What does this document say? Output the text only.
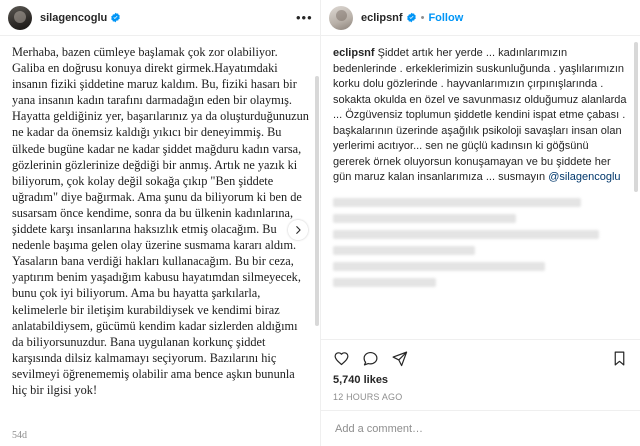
silagencoglu	•••

Merhaba, bazen cümleye başlamak çok zor olabiliyor. Galiba en doğrusu konuya direkt girmek.Hayatımdaki insanın fiziki şiddetine maruz kaldım. Bu, fiziki hasarı bir yana insanın kadın tarafını darmadağın eden bir olaymış. Hayatta geldiğiniz yer, başarılarınız ya da oluşturduğunuzun ne kadar da önemsiz kaldığı yıkıcı bir deneyimmiş. Bu ülkede bugüne kadar ne kadar şiddet mağduru kadın varsa, gözlerinin gözlerinize değdiği bir anmış. Artık ne yazık ki biliyorum, çok kolay değil sokağa çıkıp "Ben şiddete uğradım" diye bağırmak. Ama şunu da biliyorum ki ben de susarsam önce kendime, sonra da bu ülkenin kadınlarına, şiddete karşı insanlarına haksızlık etmiş olacağım. Bu nedenle başıma gelen olay üzerine susmama kararı aldım. Yasaların bana verdiği hakları kullanacağım. Bu bir ceza, yaptırım benim yaşadığım kabusu hayatımdan silmeyecek, bunu çok iyi biliyorum. Ama bu hayatta şarkılarla, kelimelerle bir iletişim kurabildiysek ve kendimi biraz anlatabildiysem, gücümü kendim kadar sizlerden aldığımı da biliyorsunuzdur. Bana uygulanan korkunç şiddet karşısında dilsiz kalmamayı seçiyorum. Bazılarını hiç sevilmeyi öğrenememiş olabilir ama bence aşkın bununla hiç bir ilgisi yok!

54d
eclipsnf • Follow
eclipsnf Şiddet artık her yerde ... kadınlarımızın bedenlerinde . erkeklerimizin suskunluğunda . yaşlılarımızın korku dolu gözlerinde . hayvanlarımızın çırpınışlarında . sokakta okulda en özel ve savunmasız olduğumuz alanlarda ... Özgüvensiz toplumun şiddetle kendini ispat etme çabası . başkalarının üzerinde aşağılık psikoloji savaşları insan olan yerlerimi acıtıyor... sen ne güçlü kadınsın ki göğsünü gererek örnek oluyorsun konuşamayan ve bu şiddete her gün maruz kalan insanlarımıza ... susmayın @silagencoglu
5,740 likes
12 HOURS AGO
Add a comment…
